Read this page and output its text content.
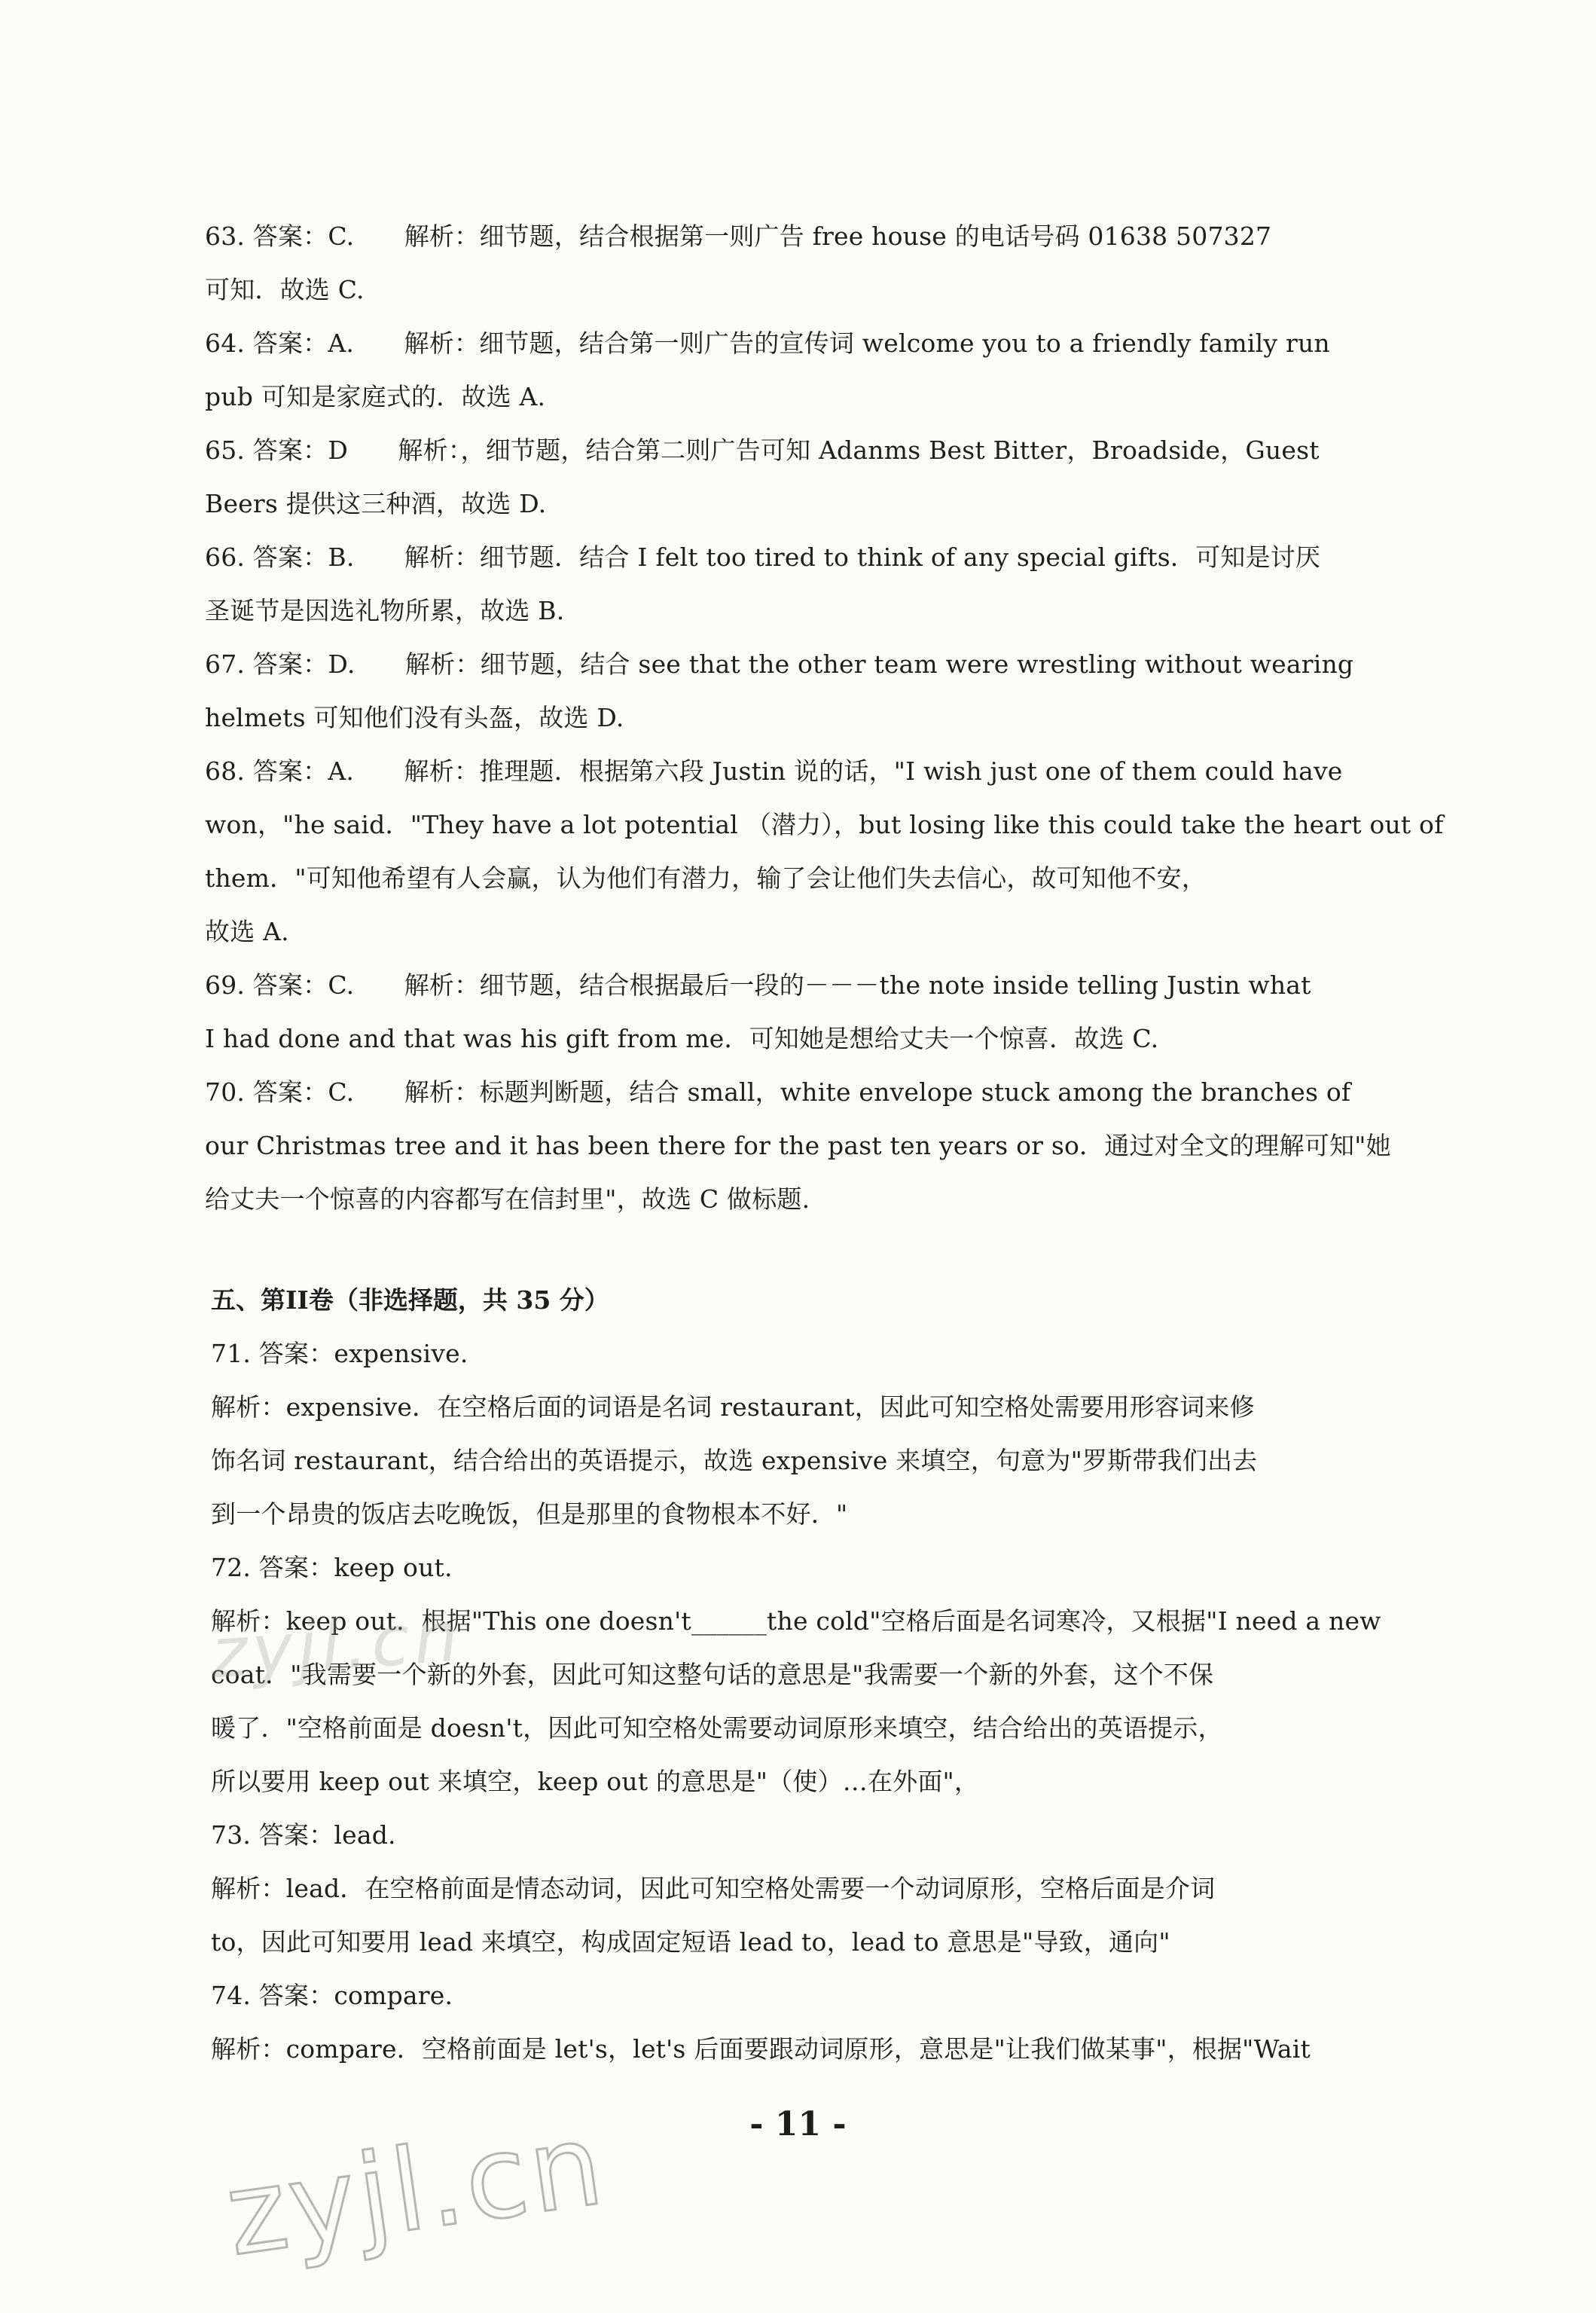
63. 答案：C.　　解析：细节题，结合根据第一则广告 free house 的电话号码 01638 507327
可知．故选 C.
64. 答案：A.　　解析：细节题，结合第一则广告的宣传词 welcome you to a friendly family run
pub 可知是家庭式的．故选 A.
65. 答案：D　　解析：，细节题，结合第二则广告可知 Adanms Best Bitter，Broadside，Guest
Beers 提供这三种酒，故选 D.
66. 答案：B.　　解析：细节题．结合 I felt too tired to think of any special gifts．可知是讨厌
圣诞节是因选礼物所累，故选 B.
67. 答案：D.　　解析：细节题，结合 see that the other team were wrestling without wearing
helmets 可知他们没有头盔，故选 D.
68. 答案：A.　　解析：推理题．根据第六段 Justin 说的话，"I wish just one of them could have
won，"he said．"They have a lot potential （潜力），but losing like this could take the heart out of
them．"可知他希望有人会赢，认为他们有潜力，输了会让他们失去信心，故可知他不安，
故选 A.
69. 答案：C.　　解析：细节题，结合根据最后一段的－－－the note inside telling Justin what
I had done and that was his gift from me．可知她是想给丈夫一个惊喜．故选 C.
70. 答案：C.　　解析：标题判断题，结合 small，white envelope stuck among the branches of
our Christmas tree and it has been there for the past ten years or so．通过对全文的理解可知"她
给丈夫一个惊喜的内容都写在信封里"，故选 C 做标题.
五、第II卷（非选择题，共 35 分）
71. 答案：expensive.
解析：expensive．在空格后面的词语是名词 restaurant，因此可知空格处需要用形容词来修
饰名词 restaurant，结合给出的英语提示，故选 expensive 来填空，句意为"罗斯带我们出去
到一个昂贵的饭店去吃晚饭，但是那里的食物根本不好．"
72. 答案：keep out.
解析：keep out．根据"This one doesn't______the cold"空格后面是名词寒冷，又根据"I need a new
coat．"我需要一个新的外套，因此可知这整句话的意思是"我需要一个新的外套，这个不保
暖了．"空格前面是 doesn't，因此可知空格处需要动词原形来填空，结合给出的英语提示，
所以要用 keep out 来填空，keep out 的意思是"（使）…在外面"，
73. 答案：lead.
解析：lead．在空格前面是情态动词，因此可知空格处需要一个动词原形，空格后面是介词
to，因此可知要用 lead 来填空，构成固定短语 lead to，lead to 意思是"导致，通向"
74. 答案：compare.
解析：compare．空格前面是 let's，let's 后面要跟动词原形，意思是"让我们做某事"，根据"Wait
zyjl.cn
- 11 -
zyjl.cn
